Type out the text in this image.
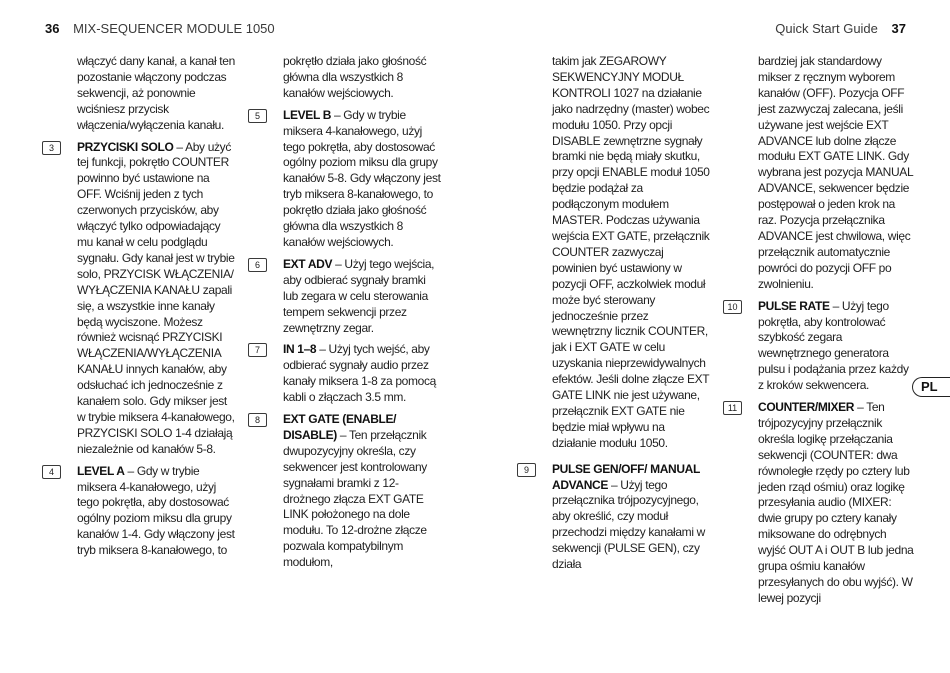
36 MIX-SEQUENCER MODULE 1050	Quick Start Guide 37

włączyć dany kanał, a kanał ten pozostanie włączony podczas sekwencji, aż ponownie wciśniesz przycisk włączenia/wyłączenia kanału.

3	PRZYCISKI SOLO – Aby użyć tej funkcji, pokrętło COUNTER powinno być ustawione na OFF. Wciśnij jeden z tych czerwonych przycisków, aby włączyć tylko odpowiadający mu kanał w celu podglądu sygnału. Gdy kanał jest w trybie solo, PRZYCISK WŁĄCZENIA/ WYŁĄCZENIA KANAŁU zapali się, a wszystkie inne kanały będą wyciszone. Możesz również wcisnąć PRZYCISKI WŁĄCZENIA/WYŁĄCZENIA KANAŁU innych kanałów, aby odsłuchać ich jednocześnie z kanałem solo. Gdy mikser jest w trybie miksera 4-kanałowego, PRZYCISKI SOLO 1-4 działają niezależnie od kanałów 5-8.

4	LEVEL A – Gdy w trybie miksera 4-kanałowego, użyj tego pokrętła, aby dostosować ogólny poziom miksu dla grupy kanałów 1-4. Gdy włączony jest tryb miksera 8-kanałowego, to

pokrętło działa jako głośność główna dla wszystkich 8 kanałów wejściowych.

5	LEVEL B – Gdy w trybie miksera 4-kanałowego, użyj tego pokrętła, aby dostosować ogólny poziom miksu dla grupy kanałów 5-8. Gdy włączony jest tryb miksera 8-kanałowego, to pokrętło działa jako głośność główna dla wszystkich 8 kanałów wejściowych.

6	EXT ADV – Użyj tego wejścia, aby odbierać sygnały bramki lub zegara w celu sterowania tempem sekwencji przez zewnętrzny zegar.

7	IN 1–8 – Użyj tych wejść, aby odbierać sygnały audio przez kanały miksera 1-8 za pomocą kabli o złączach 3.5 mm.

8	EXT GATE (ENABLE/ DISABLE) – Ten przełącznik dwupozycyjny określa, czy sekwencer jest kontrolowany sygnałami bramki z 12-drożnego złącza EXT GATE LINK położonego na dole modułu. To 12-drożne złącze pozwala kompatybilnym modułom,

takim jak ZEGAROWY SEKWENCYJNY MODUŁ KONTROLI 1027 na działanie jako nadrzędny (master) wobec modułu 1050. Przy opcji DISABLE zewnętrzne sygnały bramki nie będą miały skutku, przy opcji ENABLE moduł 1050 będzie podążał za podłączonym modułem MASTER. Podczas używania wejścia EXT GATE, przełącznik COUNTER zazwyczaj powinien być ustawiony w pozycji OFF, aczkolwiek moduł może być sterowany jednocześnie przez wewnętrzny licznik COUNTER, jak i EXT GATE w celu uzyskania nieprzewidywalnych efektów. Jeśli dolne złącze EXT GATE LINK nie jest używane, przełącznik EXT GATE nie będzie miał wpływu na działanie modułu 1050.

9	PULSE GEN/OFF/ MANUAL ADVANCE – Użyj tego przełącznika trójpozycyjnego, aby określić, czy moduł przechodzi między kanałami w sekwencji (PULSE GEN), czy działa

bardziej jak standardowy mikser z ręcznym wyborem kanałów (OFF). Pozycja OFF jest zazwyczaj zalecana, jeśli używane jest wejście EXT ADVANCE lub dolne złącze modułu EXT GATE LINK. Gdy wybrana jest pozycja MANUAL ADVANCE, sekwencer będzie postępował o jeden krok na raz. Pozycja przełącznika ADVANCE jest chwilowa, więc przełącznik automatycznie powróci do pozycji OFF po zwolnieniu.

10	PULSE RATE – Użyj tego pokrętła, aby kontrolować szybkość zegara wewnętrznego generatora pulsu i podążania przez każdy z kroków sekwencera.

11	COUNTER/MIXER – Ten trójpozycyjny przełącznik określa logikę przełączania sekwencji (COUNTER: dwa równoległe rzędy po cztery lub jeden rząd ośmiu) oraz logikę przesyłania audio (MIXER: dwie grupy po cztery kanały miksowane do odrębnych wyjść OUT A i OUT B lub jedna grupa ośmiu kanałów przesyłanych do obu wyjść). W lewej pozycji

PL
